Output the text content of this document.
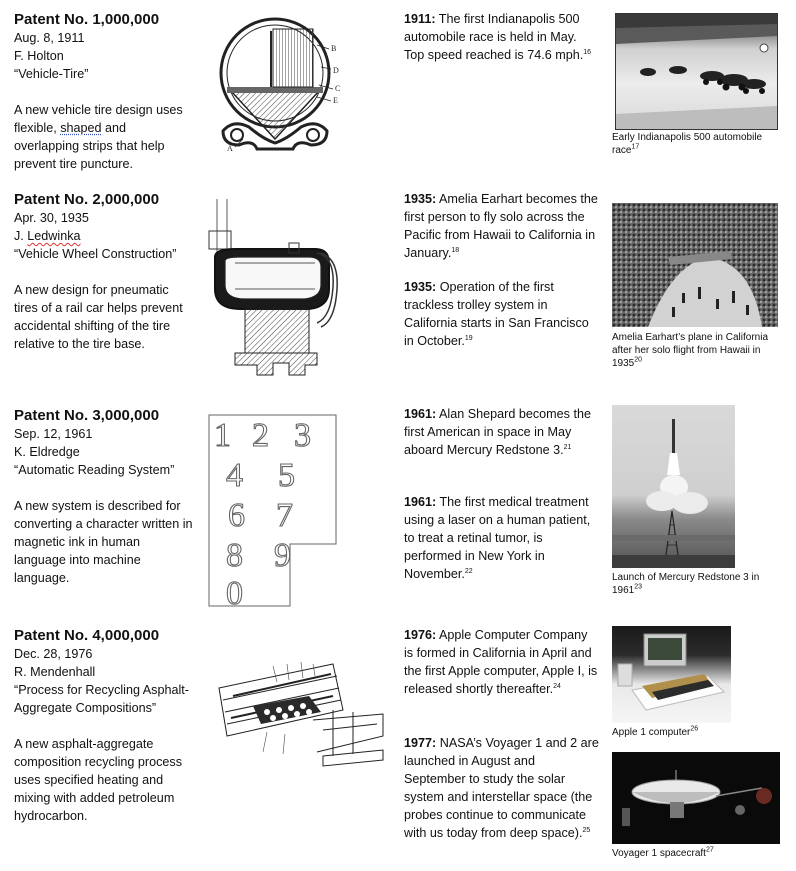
Patent No. 1,000,000
Aug. 8, 1911
F. Holton
“Vehicle-Tire”
A new vehicle tire design uses flexible, shaped and overlapping strips that help prevent tire puncture.
B
D
C
E
A
Patent No. 2,000,000
Apr. 30, 1935
J. Ledwinka
“Vehicle Wheel Construction”
A new design for pneumatic tires of a rail car helps prevent accidental shifting of the tire relative to the tire base.
Patent No. 3,000,000
Sep. 12, 1961
K. Eldredge
“Automatic Reading System”
A new system is described for converting a character written in magnetic ink in human language into machine language.
1 2 3
4 5
6 7
8 9
0
Patent No. 4,000,000
Dec. 28, 1976
R. Mendenhall
“Process for Recycling Asphalt-Aggregate Compositions”
A new asphalt-aggregate composition recycling process uses specified heating and mixing with added petroleum hydrocarbon.
1911: The first Indianapolis 500 automobile race is held in May. Top speed reached is 74.6 mph.$^{16}$
1935: Amelia Earhart becomes the first person to fly solo across the Pacific from Hawaii to California in January.$^{18}$
1935: Operation of the first trackless trolley system in California starts in San Francisco in October.$^{19}$
1961: Alan Shepard becomes the first American in space in May aboard Mercury Redstone 3.21
1961: The first medical treatment using a laser on a human patient, to treat a retinal tumor, is performed in New York in November.$^{22}$
1976: Apple Computer Company is formed in California in April and the first Apple computer, Apple I, is released shortly thereafter.$^{24}$
1977: NASA’s Voyager 1 and 2 are launched in August and September to study the solar system and interstellar space (the probes continue to communicate with us today from deep space).$^{25}$
Early Indianapolis 500 automobile race$^{17}$
Amelia Earhart’s plane in California after her solo flight from Hawaii in 1935$^{20}$
Launch of Mercury Redstone 3 in 1961$^{23}$
Apple 1 computer$^{26}$
Voyager 1 spacecraft$^{27}$
